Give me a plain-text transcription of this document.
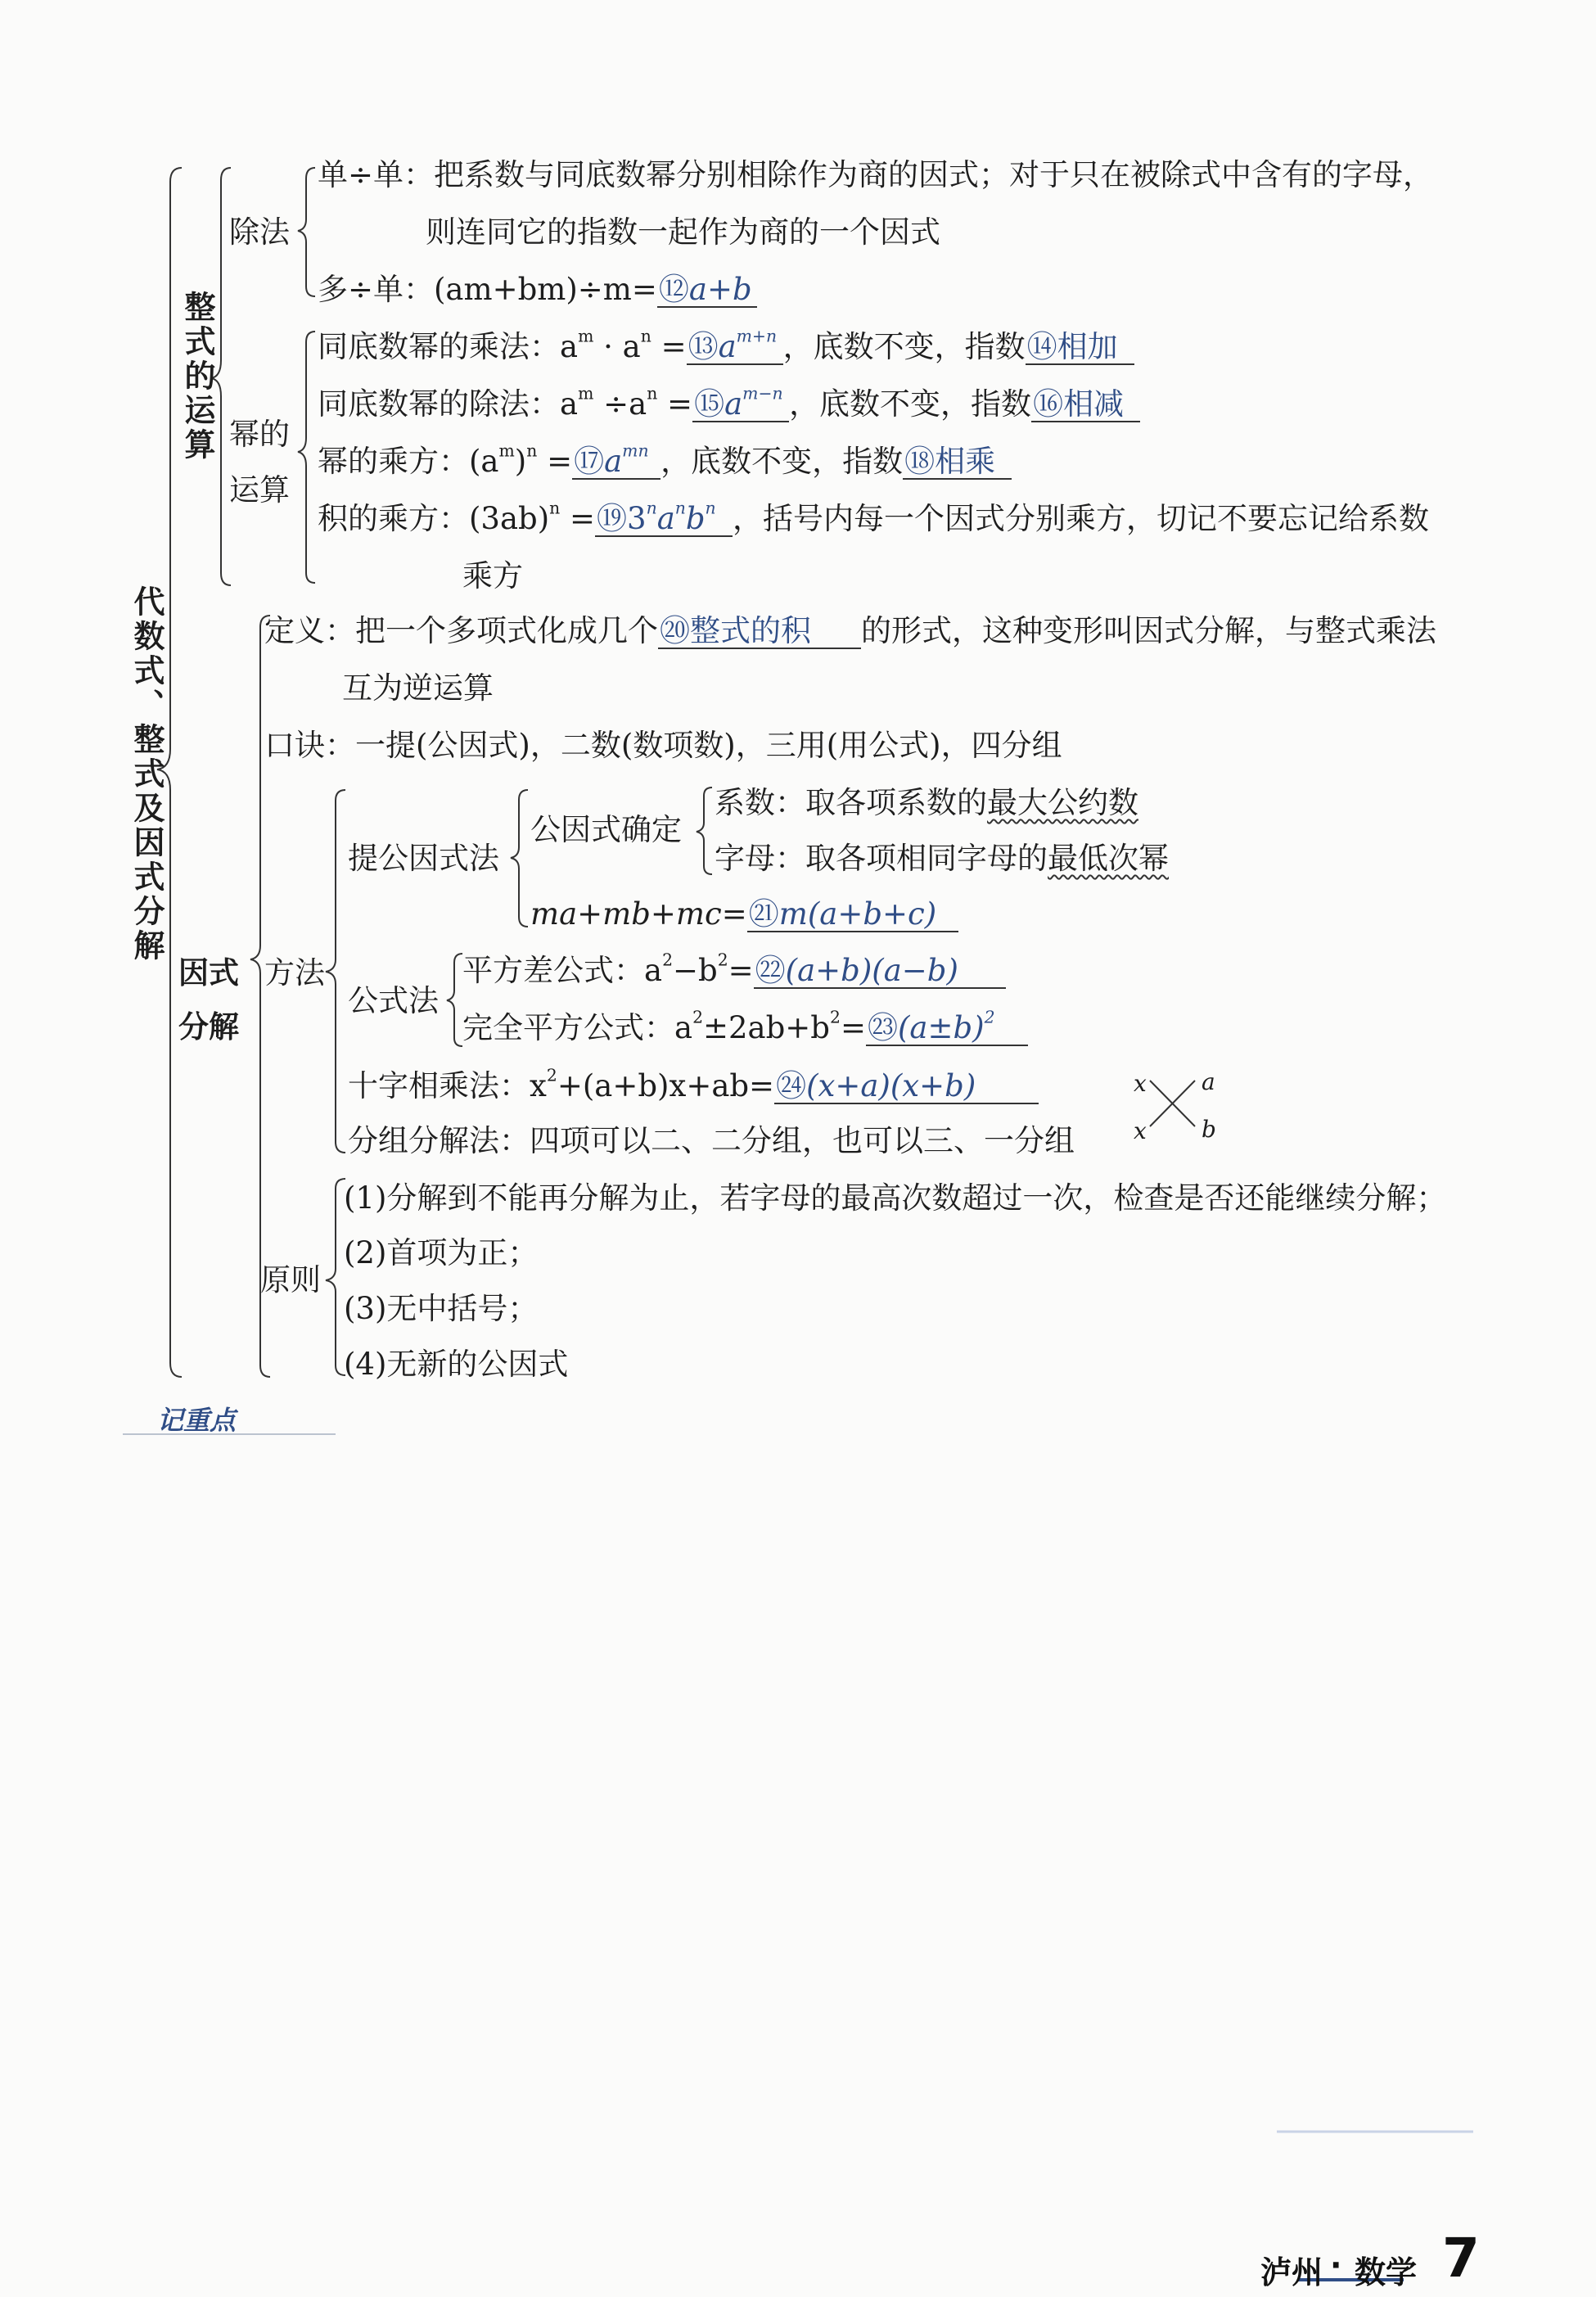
代数式、整式及因式分解
整式的运算
除法
单÷单：把系数与同底数幂分别相除作为商的因式；对于只在被除式中含有的字母，
则连同它的指数一起作为商的一个因式
多÷单：(am+bm)÷m=⑫a+b
幂的
运算
同底数幂的乘法：$a^m \cdot a^n$ $=⑬a^{m+n}$ ，底数不变，指数⑭相加
同底数幂的除法：$a^m \div a^n$ $=⑮a^{m-n}$ ，底数不变，指数⑯相减
幂的乘方：$(a^m)^n$ $=⑰a^{mn}$ ，底数不变，指数⑱相乘
积的乘方：$(3ab)^n$ $=⑲3^na^nb^n$ ，括号内每一个因式分别乘方，切记不要忘记给系数
乘方
因式
分解
定义：把一个多项式化成几个⑳整式的积 的形式，这种变形叫因式分解，与整式乘法
互为逆运算
口诀：一提(公因式)，二数(数项数)，三用(用公式)，四分组
方法
提公因式法
公因式确定
系数：取各项系数的最大公约数
字母：取各项相同字母的最低次幂
ma+mb+mc=㉑m(a+b+c)
公式法
平方差公式：$a^2-b^2=㉒(a+b)(a-b)$
完全平方公式：$a^2\pm 2ab+b^2=㉓(a\pm b)^2$
十字相乘法：$x^2+(a+b)x+ab=㉔(x+a)(x+b)$	x a
x b
分组分解法：四项可以二、二分组，也可以三、一分组
原则
(1)分解到不能再分解为止，若字母的最高次数超过一次，检查是否还能继续分解；
(2)首项为正；
(3)无中括号；
(4)无新的公因式
记重点
泸州 · 数学 7
